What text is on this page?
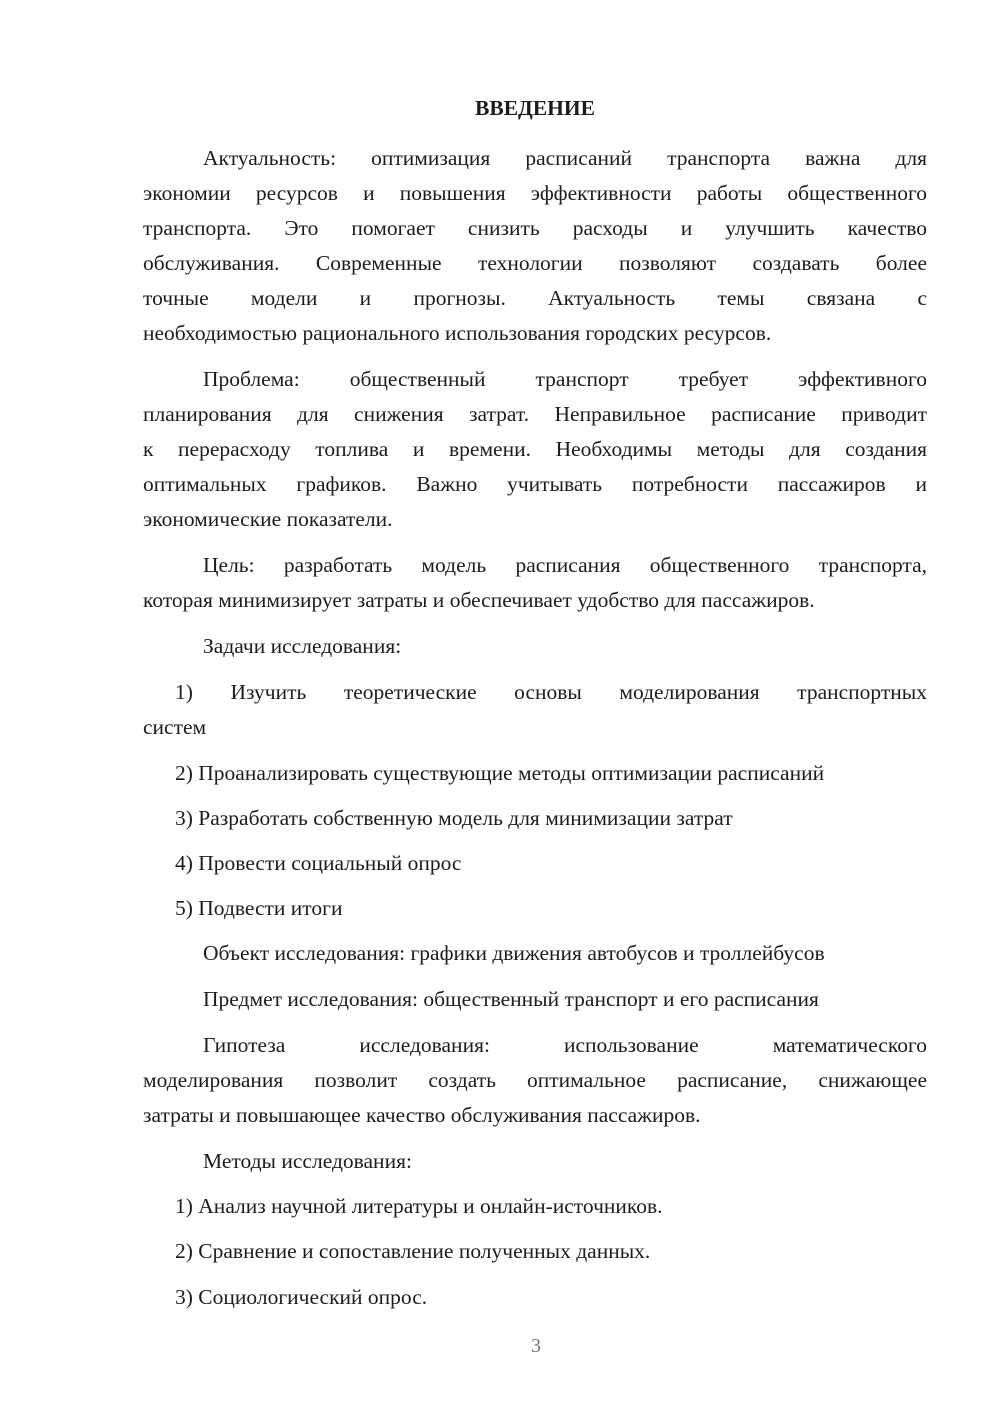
ВВЕДЕНИЕ
Актуальность: оптимизация расписаний транспорта важна для
экономии ресурсов и повышения эффективности работы общественного
транспорта. Это помогает снизить расходы и улучшить качество
обслуживания. Современные технологии позволяют создавать более
точные модели и прогнозы. Актуальность темы связана с
необходимостью рационального использования городских ресурсов.
Проблема: общественный транспорт требует эффективного
планирования для снижения затрат. Неправильное расписание приводит
к перерасходу топлива и времени. Необходимы методы для создания
оптимальных графиков. Важно учитывать потребности пассажиров и
экономические показатели.
Цель: разработать модель расписания общественного транспорта,
которая минимизирует затраты и обеспечивает удобство для пассажиров.
Задачи исследования:
1) Изучить теоретические основы моделирования транспортных
систем
2) Проанализировать существующие методы оптимизации расписаний
3) Разработать собственную модель для минимизации затрат
4) Провести социальный опрос
5) Подвести итоги
Объект исследования: графики движения автобусов и троллейбусов
Предмет исследования: общественный транспорт и его расписания
Гипотеза исследования: использование математического
моделирования позволит создать оптимальное расписание, снижающее
затраты и повышающее качество обслуживания пассажиров.
Методы исследования:
1) Анализ научной литературы и онлайн-источников.
2) Сравнение и сопоставление полученных данных.
3) Социологический опрос.
3
